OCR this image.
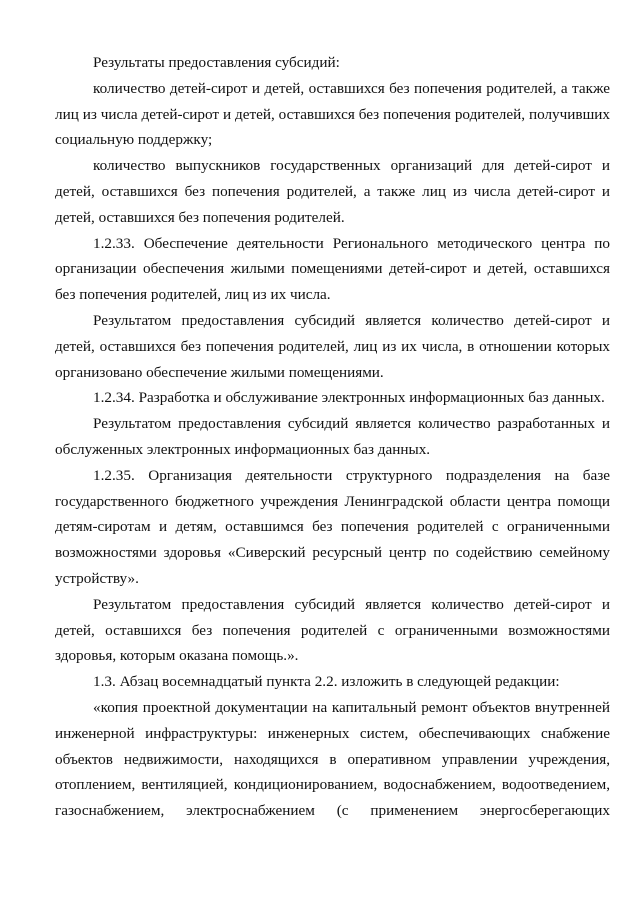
Результаты предоставления субсидий:

количество детей-сирот и детей, оставшихся без попечения родителей, а также лиц из числа детей-сирот и детей, оставшихся без попечения родителей, получивших социальную поддержку;

количество выпускников государственных организаций для детей-сирот и детей, оставшихся без попечения родителей, а также лиц из числа детей-сирот и детей, оставшихся без попечения родителей.

1.2.33. Обеспечение деятельности Регионального методического центра по организации обеспечения жилыми помещениями детей-сирот и детей, оставшихся без попечения родителей, лиц из их числа.

Результатом предоставления субсидий является количество детей-сирот и детей, оставшихся без попечения родителей, лиц из их числа, в отношении которых организовано обеспечение жилыми помещениями.

1.2.34. Разработка и обслуживание электронных информационных баз данных.

Результатом предоставления субсидий является количество разработанных и обслуженных электронных информационных баз данных.

1.2.35. Организация деятельности структурного подразделения на базе государственного бюджетного учреждения Ленинградской области центра помощи детям-сиротам и детям, оставшимся без попечения родителей с ограниченными возможностями здоровья «Сиверский ресурсный центр по содействию семейному устройству».

Результатом предоставления субсидий является количество детей-сирот и детей, оставшихся без попечения родителей с ограниченными возможностями здоровья, которым оказана помощь.».

1.3. Абзац восемнадцатый пункта 2.2. изложить в следующей редакции:

«копия проектной документации на капитальный ремонт объектов внутренней инженерной инфраструктуры: инженерных систем, обеспечивающих снабжение объектов недвижимости, находящихся в оперативном управлении учреждения, отоплением, вентиляцией, кондиционированием, водоснабжением, водоотведением, газоснабжением, электроснабжением (с применением энергосберегающих
